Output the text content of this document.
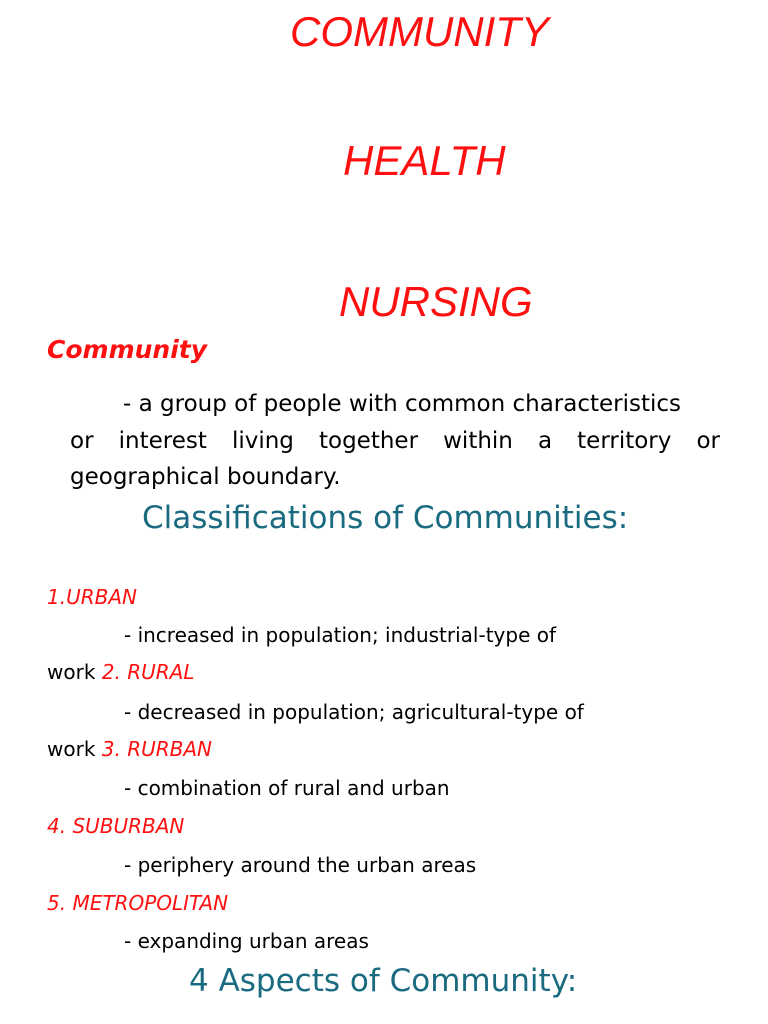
COMMUNITY
HEALTH
NURSING
Community
- a group of people with common characteristics
or interest living together within a territory or geographical boundary.
Classifications of Communities:
1.URBAN
- increased in population; industrial-type of
work 2. RURAL
- decreased in population; agricultural-type of
work 3. RURBAN
- combination of rural and urban
4. SUBURBAN
- periphery around the urban areas
5. METROPOLITAN
- expanding urban areas
4 Aspects of Community:
